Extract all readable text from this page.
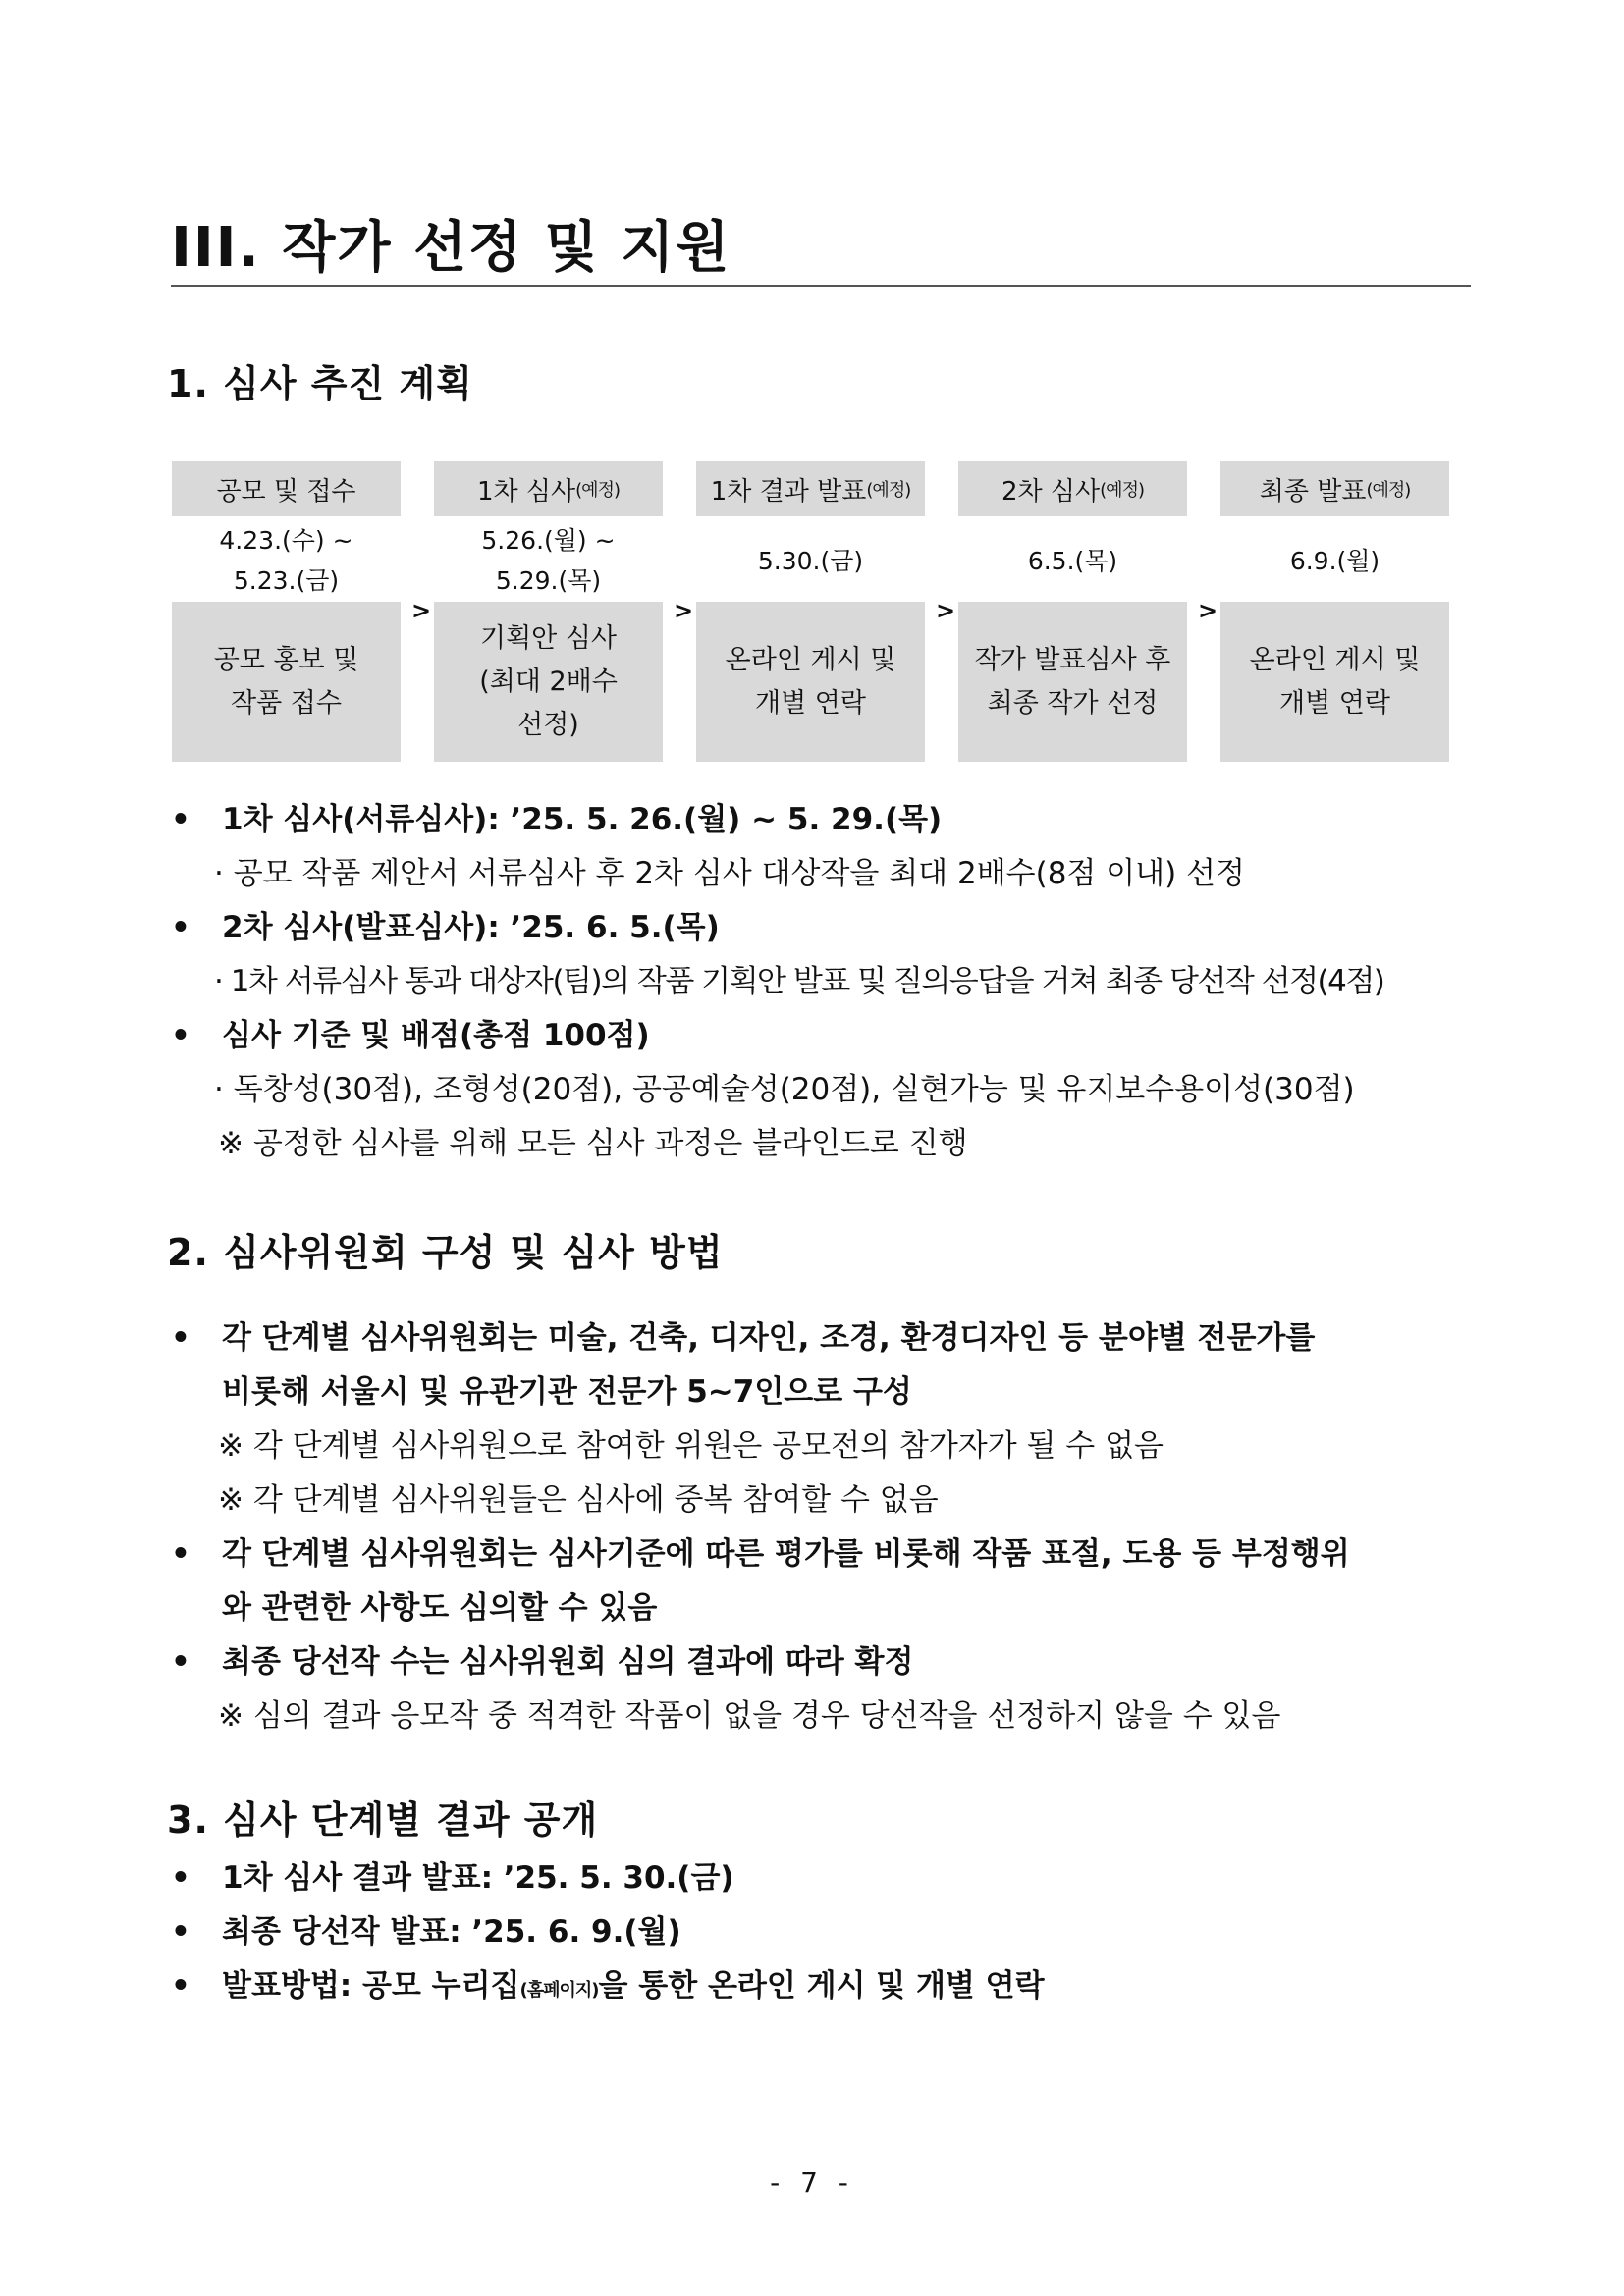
III. 작가 선정 및 지원
1. 심사 추진 계획
공모 및 접수
4.23.(수) ~
5.23.(금)
공모 홍보 및
작품 접수
>
1차 심사 (예정)
5.26.(월) ~
5.29.(목)
기획안 심사
(최대 2배수
선정)
>
1차 결과 발표 (예정)
5.30.(금)
온라인 게시 및
개별 연락
>
2차 심사 (예정)
6.5.(목)
작가 발표심사 후
최종 작가 선정
>
최종 발표 (예정)
6.9.(월)
온라인 게시 및
개별 연락

• 1차 심사(서류심사): ’25. 5. 26.(월) ~ 5. 29.(목)

· 공모 작품 제안서 서류심사 후 2차 심사 대상작을 최대 2배수(8점 이내) 선정

• 2차 심사(발표심사): ’25. 6. 5.(목)

· 1차 서류심사 통과 대상자(팀)의 작품 기획안 발표 및 질의응답을 거쳐 최종 당선작 선정(4점)

• 심사 기준 및 배점(총점 100점)

· 독창성(30점), 조형성(20점), 공공예술성(20점), 실현가능 및 유지보수용이성(30점)

※ 공정한 심사를 위해 모든 심사 과정은 블라인드로 진행

2. 심사위원회 구성 및 심사 방법

• 각 단계별 심사위원회는 미술, 건축, 디자인, 조경, 환경디자인 등 분야별 전문가를

비롯해 서울시 및 유관기관 전문가 5~7인으로 구성

※ 각 단계별 심사위원으로 참여한 위원은 공모전의 참가자가 될 수 없음

※ 각 단계별 심사위원들은 심사에 중복 참여할 수 없음

• 각 단계별 심사위원회는 심사기준에 따른 평가를 비롯해 작품 표절, 도용 등 부정행위

와 관련한 사항도 심의할 수 있음

• 최종 당선작 수는 심사위원회 심의 결과에 따라 확정

※ 심의 결과 응모작 중 적격한 작품이 없을 경우 당선작을 선정하지 않을 수 있음

3. 심사 단계별 결과 공개

• 1차 심사 결과 발표: ’25. 5. 30.(금)

• 최종 당선작 발표: ’25. 6. 9.(월)

• 발표방법: 공모 누리집(홈페이지)을 통한 온라인 게시 및 개별 연락

- 7 -
